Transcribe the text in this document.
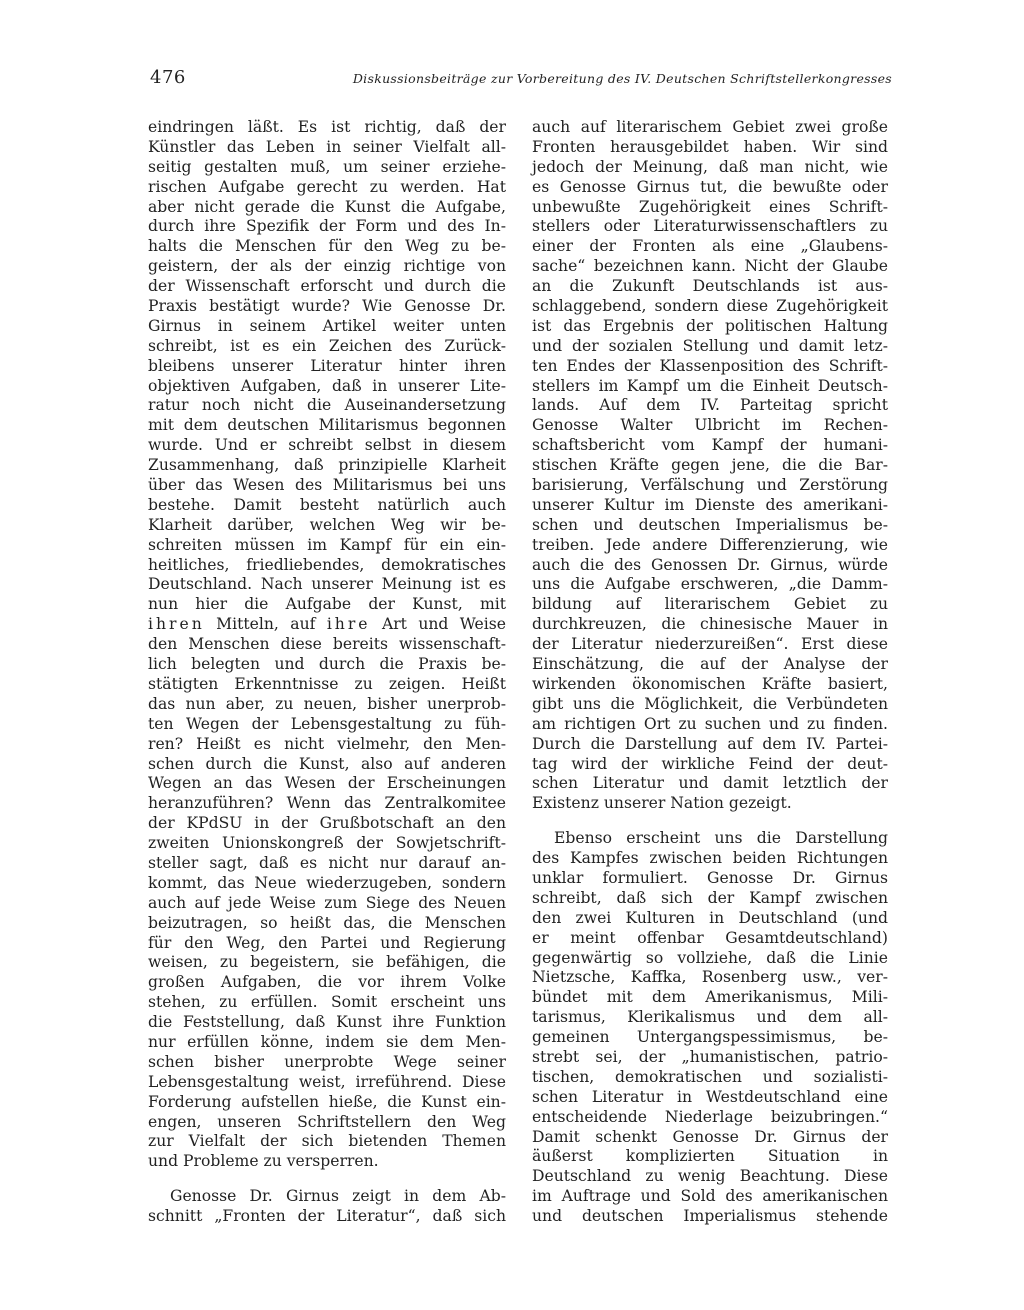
476	Diskussionsbeiträge zur Vorbereitung des IV. Deutschen Schriftstellerkongresses
eindringen läßt. Es ist richtig, daß der
Künstler das Leben in seiner Vielfalt all-
seitig gestalten muß, um seiner erziehe-
rischen Aufgabe gerecht zu werden. Hat
aber nicht gerade die Kunst die Aufgabe,
durch ihre Spezifik der Form und des In-
halts die Menschen für den Weg zu be-
geistern, der als der einzig richtige von
der Wissenschaft erforscht und durch die
Praxis bestätigt wurde? Wie Genosse Dr.
Girnus in seinem Artikel weiter unten
schreibt, ist es ein Zeichen des Zurück-
bleibens unserer Literatur hinter ihren
objektiven Aufgaben, daß in unserer Lite-
ratur noch nicht die Auseinandersetzung
mit dem deutschen Militarismus begonnen
wurde. Und er schreibt selbst in diesem
Zusammenhang, daß prinzipielle Klarheit
über das Wesen des Militarismus bei uns
bestehe. Damit besteht natürlich auch
Klarheit darüber, welchen Weg wir be-
schreiten müssen im Kampf für ein ein-
heitliches, friedliebendes, demokratisches
Deutschland. Nach unserer Meinung ist es
nun hier die Aufgabe der Kunst, mit
ihren Mitteln, auf ihre Art und Weise
den Menschen diese bereits wissenschaft-
lich belegten und durch die Praxis be-
stätigten Erkenntnisse zu zeigen. Heißt
das nun aber, zu neuen, bisher unerprob-
ten Wegen der Lebensgestaltung zu füh-
ren? Heißt es nicht vielmehr, den Men-
schen durch die Kunst, also auf anderen
Wegen an das Wesen der Erscheinungen
heranzuführen? Wenn das Zentralkomitee
der KPdSU in der Grußbotschaft an den
zweiten Unionskongreß der Sowjetschrift-
steller sagt, daß es nicht nur darauf an-
kommt, das Neue wiederzugeben, sondern
auch auf jede Weise zum Siege des Neuen
beizutragen, so heißt das, die Menschen
für den Weg, den Partei und Regierung
weisen, zu begeistern, sie befähigen, die
großen Aufgaben, die vor ihrem Volke
stehen, zu erfüllen. Somit erscheint uns
die Feststellung, daß Kunst ihre Funktion
nur erfüllen könne, indem sie dem Men-
schen bisher unerprobte Wege seiner
Lebensgestaltung weist, irreführend. Diese
Forderung aufstellen hieße, die Kunst ein-
engen, unseren Schriftstellern den Weg
zur Vielfalt der sich bietenden Themen
und Probleme zu versperren.
Genosse Dr. Girnus zeigt in dem Ab-
schnitt „Fronten der Literatur“, daß sich
auch auf literarischem Gebiet zwei große
Fronten herausgebildet haben. Wir sind
jedoch der Meinung, daß man nicht, wie
es Genosse Girnus tut, die bewußte oder
unbewußte Zugehörigkeit eines Schrift-
stellers oder Literaturwissenschaftlers zu
einer der Fronten als eine „Glaubens-
sache“ bezeichnen kann. Nicht der Glaube
an die Zukunft Deutschlands ist aus-
schlaggebend, sondern diese Zugehörigkeit
ist das Ergebnis der politischen Haltung
und der sozialen Stellung und damit letz-
ten Endes der Klassenposition des Schrift-
stellers im Kampf um die Einheit Deutsch-
lands. Auf dem IV. Parteitag spricht
Genosse Walter Ulbricht im Rechen-
schaftsbericht vom Kampf der humani-
stischen Kräfte gegen jene, die die Bar-
barisierung, Verfälschung und Zerstörung
unserer Kultur im Dienste des amerikani-
schen und deutschen Imperialismus be-
treiben. Jede andere Differenzierung, wie
auch die des Genossen Dr. Girnus, würde
uns die Aufgabe erschweren, „die Damm-
bildung auf literarischem Gebiet zu
durchkreuzen, die chinesische Mauer in
der Literatur niederzureißen“. Erst diese
Einschätzung, die auf der Analyse der
wirkenden ökonomischen Kräfte basiert,
gibt uns die Möglichkeit, die Verbündeten
am richtigen Ort zu suchen und zu finden.
Durch die Darstellung auf dem IV. Partei-
tag wird der wirkliche Feind der deut-
schen Literatur und damit letztlich der
Existenz unserer Nation gezeigt.
Ebenso erscheint uns die Darstellung
des Kampfes zwischen beiden Richtungen
unklar formuliert. Genosse Dr. Girnus
schreibt, daß sich der Kampf zwischen
den zwei Kulturen in Deutschland (und
er meint offenbar Gesamtdeutschland)
gegenwärtig so vollziehe, daß die Linie
Nietzsche, Kaffka, Rosenberg usw., ver-
bündet mit dem Amerikanismus, Mili-
tarismus, Klerikalismus und dem all-
gemeinen Untergangspessimismus, be-
strebt sei, der „humanistischen, patrio-
tischen, demokratischen und sozialisti-
schen Literatur in Westdeutschland eine
entscheidende Niederlage beizubringen.“
Damit schenkt Genosse Dr. Girnus der
äußerst komplizierten Situation in
Deutschland zu wenig Beachtung. Diese
im Auftrage und Sold des amerikanischen
und deutschen Imperialismus stehende
